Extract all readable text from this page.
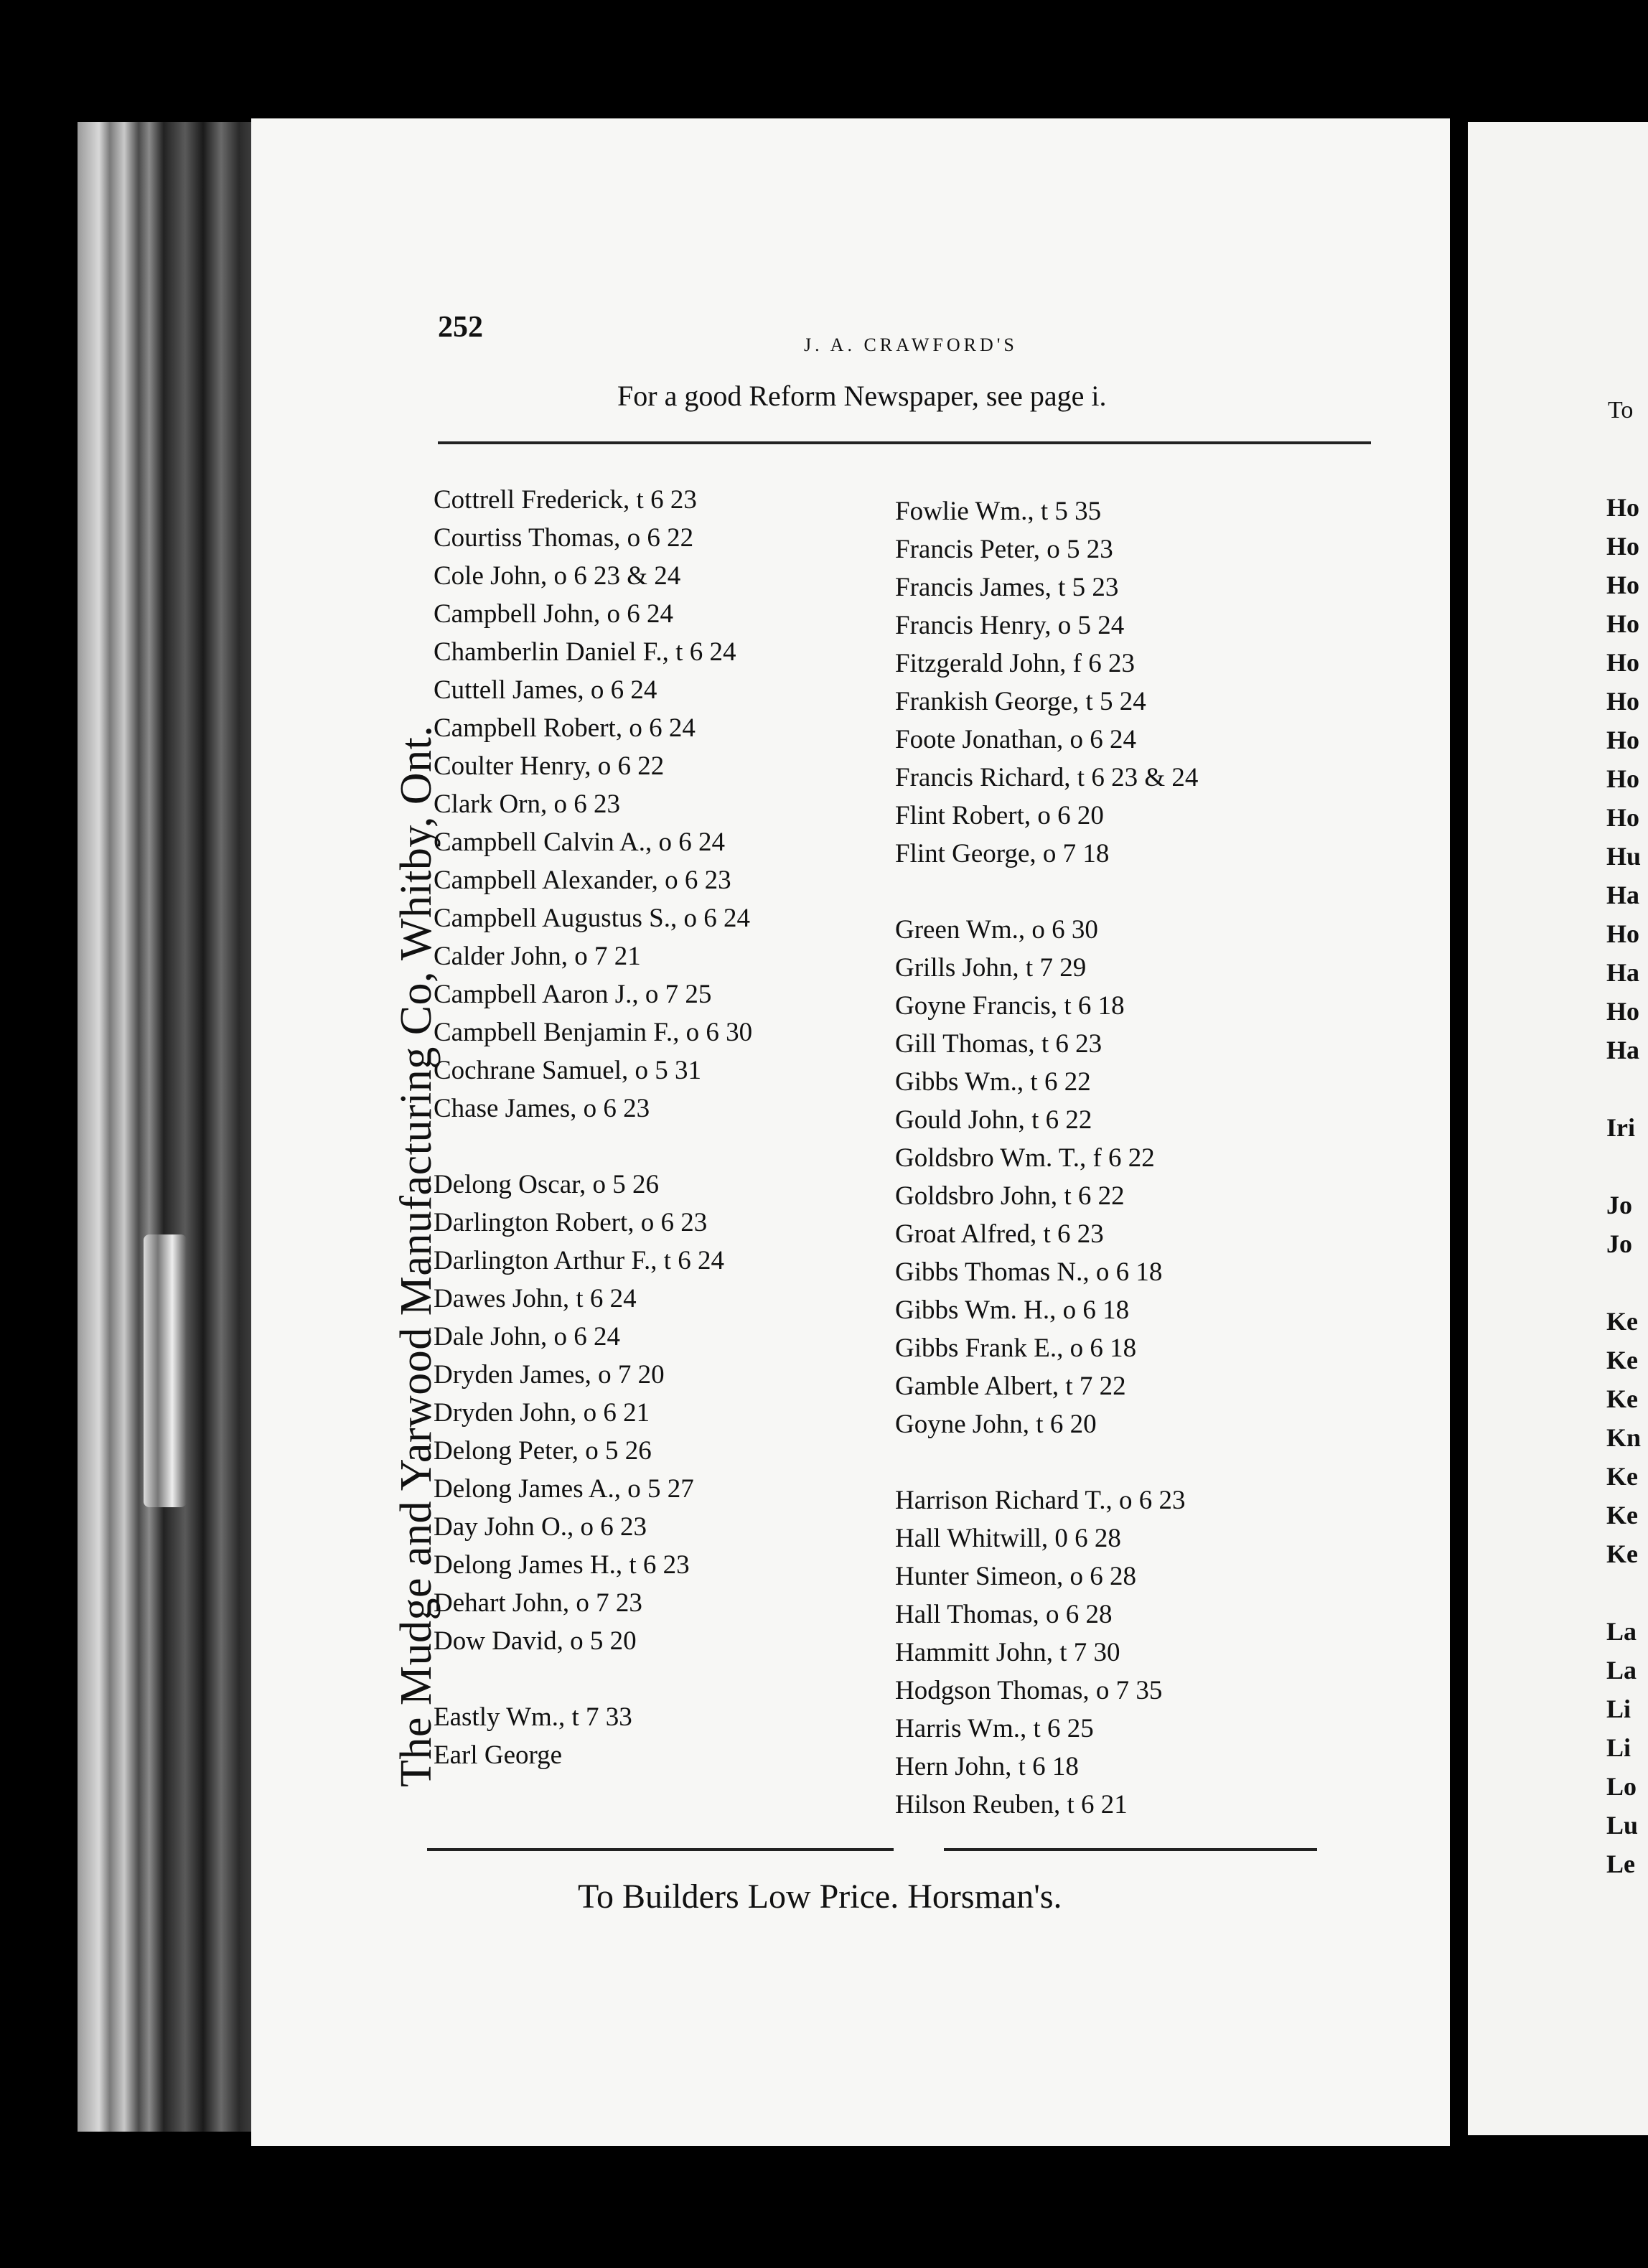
252
J. A. CRAWFORD'S
For a good Reform Newspaper, see page i.
The Mudge and Yarwood Manufacturing Co, Whitby, Ont.
Cottrell Frederick, t 6 23
Courtiss Thomas, o 6 22
Cole John, o 6 23 & 24
Campbell John, o 6 24
Chamberlin Daniel F., t 6 24
Cuttell James, o 6 24
Campbell Robert, o 6 24
Coulter Henry, o 6 22
Clark Orn, o 6 23
Campbell Calvin A., o 6 24
Campbell Alexander, o 6 23
Campbell Augustus S., o 6 24
Calder John, o 7 21
Campbell Aaron J., o 7 25
Campbell Benjamin F., o 6 30
Cochrane Samuel, o 5 31
Chase James, o 6 23
Delong Oscar, o 5 26
Darlington Robert, o 6 23
Darlington Arthur F., t 6 24
Dawes John, t 6 24
Dale John, o 6 24
Dryden James, o 7 20
Dryden John, o 6 21
Delong Peter, o 5 26
Delong James A., o 5 27
Day John O., o 6 23
Delong James H., t 6 23
Dehart John, o 7 23
Dow David, o 5 20
Eastly Wm., t 7 33
Earl George
Fowlie Wm., t 5 35
Francis Peter, o 5 23
Francis James, t 5 23
Francis Henry, o 5 24
Fitzgerald John, f 6 23
Frankish George, t 5 24
Foote Jonathan, o 6 24
Francis Richard, t 6 23 & 24
Flint Robert, o 6 20
Flint George, o 7 18
Green Wm., o 6 30
Grills John, t 7 29
Goyne Francis, t 6 18
Gill Thomas, t 6 23
Gibbs Wm., t 6 22
Gould John, t 6 22
Goldsbro Wm. T., f 6 22
Goldsbro John, t 6 22
Groat Alfred, t 6 23
Gibbs Thomas N., o 6 18
Gibbs Wm. H., o 6 18
Gibbs Frank E., o 6 18
Gamble Albert, t 7 22
Goyne John, t 6 20
Harrison Richard T., o 6 23
Hall Whitwill, 0 6 28
Hunter Simeon, o 6 28
Hall Thomas, o 6 28
Hammitt John, t 7 30
Hodgson Thomas, o 7 35
Harris Wm., t 6 25
Hern John, t 6 18
Hilson Reuben, t 6 21
To Builders Low Price. Horsman's.
To
Ho
Ho
Ho
Ho
Ho
Ho
Ho
Ho
Ho
Hu
Ha
Ho
Ha
Ho
Ha
Iri
Jo
Jo
Ke
Ke
Ke
Kn
Ke
Ke
Ke
La
La
Li
Li
Lo
Lu
Le
